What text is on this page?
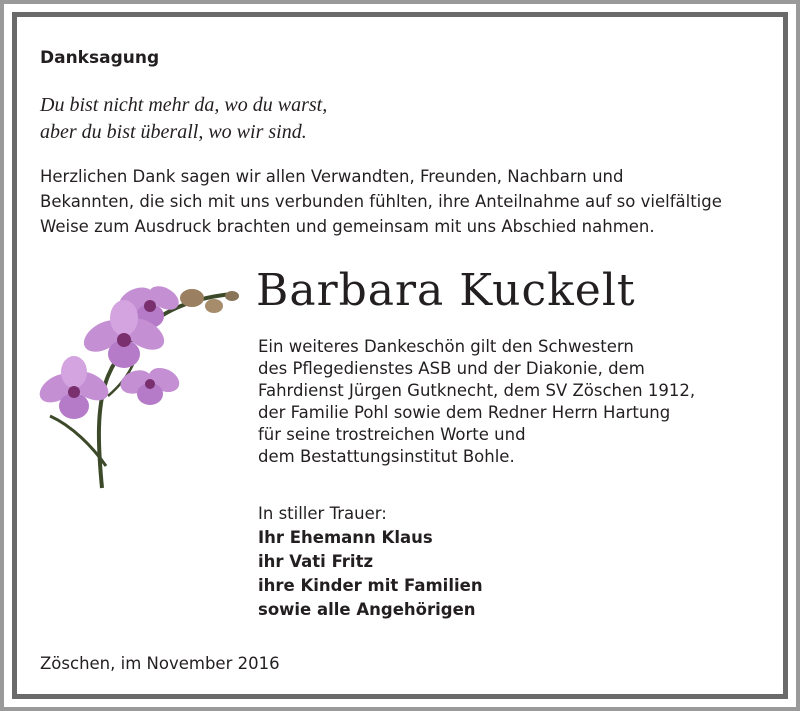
Danksagung
Du bist nicht mehr da, wo du warst,
aber du bist überall, wo wir sind.
Herzlichen Dank sagen wir allen Verwandten, Freunden, Nachbarn und
Bekannten, die sich mit uns verbunden fühlten, ihre Anteilnahme auf so vielfältige
Weise zum Ausdruck brachten und gemeinsam mit uns Abschied nahmen.
Barbara Kuckelt
Ein weiteres Dankeschön gilt den Schwestern
des Pflegedienstes ASB und der Diakonie, dem
Fahrdienst Jürgen Gutknecht, dem SV Zöschen 1912,
der Familie Pohl sowie dem Redner Herrn Hartung
für seine trostreichen Worte und
dem Bestattungsinstitut Bohle.
In stiller Trauer:
Ihr Ehemann Klaus
ihr Vati Fritz
ihre Kinder mit Familien
sowie alle Angehörigen
Zöschen, im November 2016
